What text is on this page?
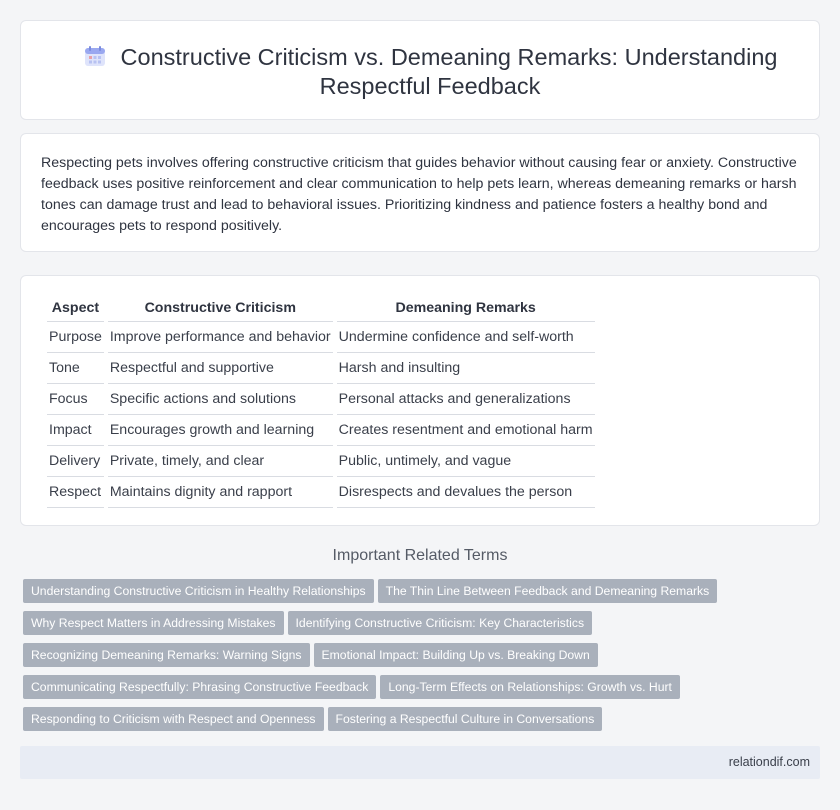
Constructive Criticism vs. Demeaning Remarks: Understanding Respectful Feedback

Respecting pets involves offering constructive criticism that guides behavior without causing fear or anxiety. Constructive feedback uses positive reinforcement and clear communication to help pets learn, whereas demeaning remarks or harsh tones can damage trust and lead to behavioral issues. Prioritizing kindness and patience fosters a healthy bond and encourages pets to respond positively.

Aspect	Constructive Criticism	Demeaning Remarks
Purpose	Improve performance and behavior	Undermine confidence and self-worth
Tone	Respectful and supportive	Harsh and insulting
Focus	Specific actions and solutions	Personal attacks and generalizations
Impact	Encourages growth and learning	Creates resentment and emotional harm
Delivery	Private, timely, and clear	Public, untimely, and vague
Respect	Maintains dignity and rapport	Disrespects and devalues the person
Important Related Terms
Understanding Constructive Criticism in Healthy Relationships The Thin Line Between Feedback and Demeaning Remarks
Why Respect Matters in Addressing Mistakes Identifying Constructive Criticism: Key Characteristics
Recognizing Demeaning Remarks: Warning Signs Emotional Impact: Building Up vs. Breaking Down
Communicating Respectfully: Phrasing Constructive Feedback Long-Term Effects on Relationships: Growth vs. Hurt
Responding to Criticism with Respect and Openness Fostering a Respectful Culture in Conversations
relationdif.com
